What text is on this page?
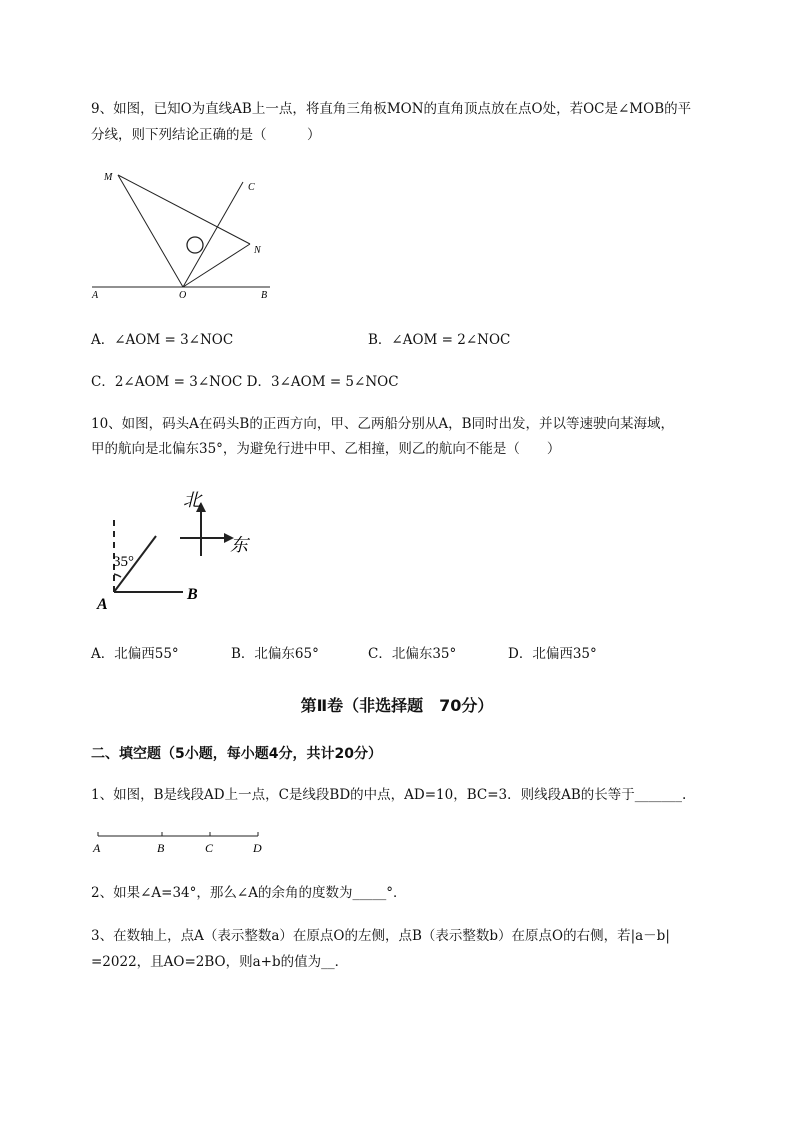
9、如图，已知O为直线AB上一点，将直角三角板MON的直角顶点放在点O处，若OC是∠MOB的平
分线，则下列结论正确的是（　　　）
M
C
N
A	O	B
A．∠AOM = 3∠NOC	B．∠AOM = 2∠NOC
C．2∠AOM = 3∠NOC D．3∠AOM = 5∠NOC
10、如图，码头A在码头B的正西方向，甲、乙两船分别从A，B同时出发，并以等速驶向某海域，
甲的航向是北偏东35°，为避免行进中甲、乙相撞，则乙的航向不能是（　　）
35°
A
B
北
东
A．北偏西55°	B．北偏东65°	C．北偏东35°	D．北偏西35°
第Ⅱ卷（非选择题　70分）
二、填空题（5小题，每小题4分，共计20分）
1、如图，B是线段AD上一点，C是线段BD的中点，AD=10，BC=3．则线段AB的长等于_______.
A	B	C	D
2、如果∠A=34°，那么∠A的余角的度数为_____°．
3、在数轴上，点A（表示整数a）在原点O的左侧，点B（表示整数b）在原点O的右侧，若|a－b|
=2022，且AO=2BO，则a+b的值为__．
